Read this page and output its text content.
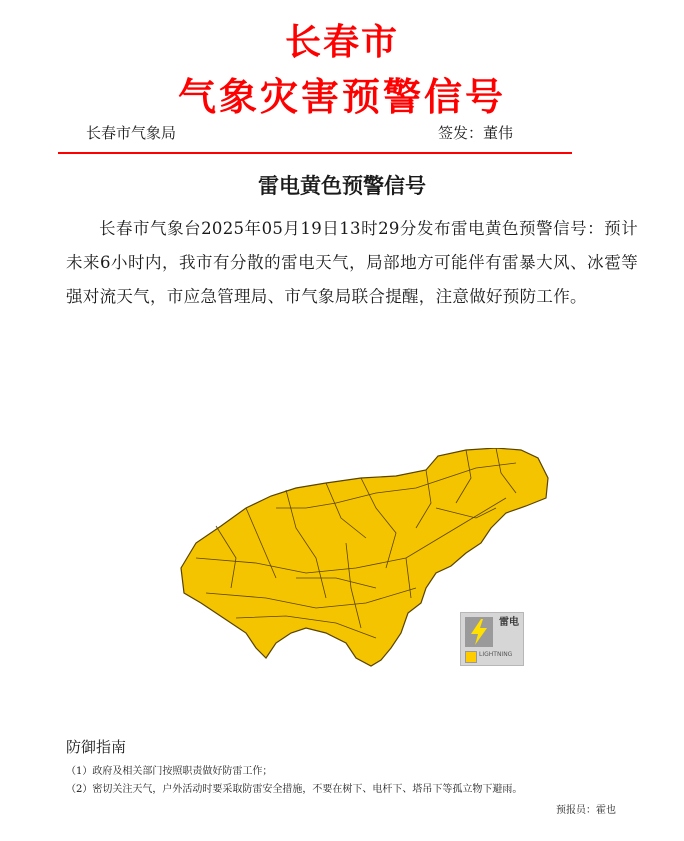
长春市
气象灾害预警信号
长春市气象局	签发：董伟
雷电黄色预警信号
长春市气象台2025年05月19日13时29分发布雷电黄色预警信号：预计未来6小时内，我市有分散的雷电天气，局部地方可能伴有雷暴大风、冰雹等强对流天气，市应急管理局、市气象局联合提醒，注意做好预防工作。
雷电
LIGHTNING
防御指南
（1）政府及相关部门按照职责做好防雷工作；
（2）密切关注天气，户外活动时要采取防雷安全措施，不要在树下、电杆下、塔吊下等孤立物下避雨。
预报员：霍也
